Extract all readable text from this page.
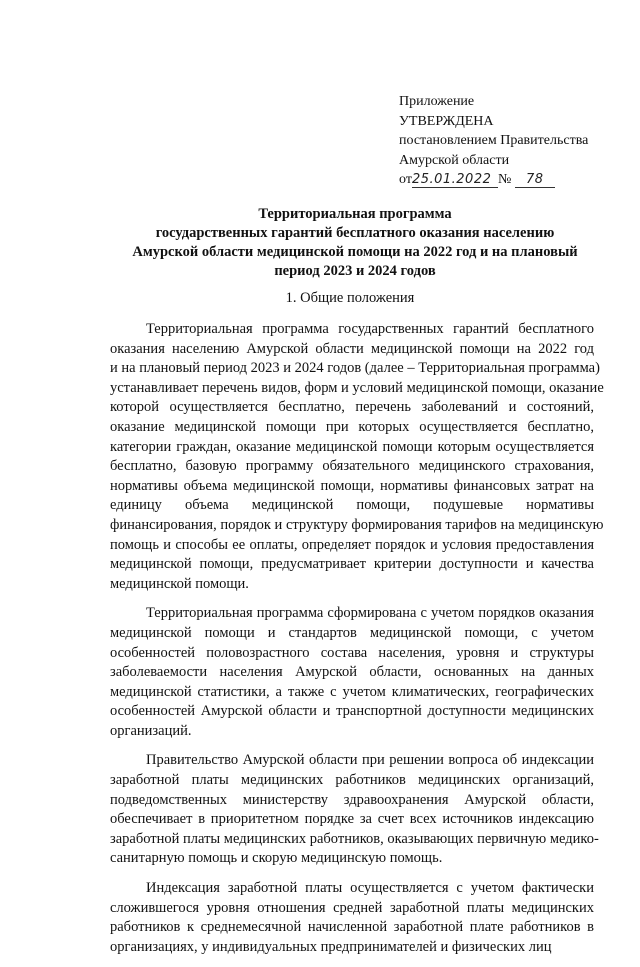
Приложение
УТВЕРЖДЕНА
постановлением Правительства
Амурской области
от25.01.2022 № 78
Территориальная программа
государственных гарантий бесплатного оказания населению
Амурской области медицинской помощи на 2022 год и на плановый
период 2023 и 2024 годов
1. Общие положения
Территориальная программа государственных гарантий бесплатного
оказания населению Амурской области медицинской помощи на 2022 год
и на плановый период 2023 и 2024 годов (далее – Территориальная программа)
устанавливает перечень видов, форм и условий медицинской помощи, оказание
которой осуществляется бесплатно, перечень заболеваний и состояний,
оказание медицинской помощи при которых осуществляется бесплатно,
категории граждан, оказание медицинской помощи которым осуществляется
бесплатно, базовую программу обязательного медицинского страхования,
нормативы объема медицинской помощи, нормативы финансовых затрат на
единицу объема медицинской помощи, подушевые нормативы
финансирования, порядок и структуру формирования тарифов на медицинскую
помощь и способы ее оплаты, определяет порядок и условия предоставления
медицинской помощи, предусматривает критерии доступности и качества
медицинской помощи.
Территориальная программа сформирована с учетом порядков оказания
медицинской помощи и стандартов медицинской помощи, с учетом
особенностей половозрастного состава населения, уровня и структуры
заболеваемости населения Амурской области, основанных на данных
медицинской статистики, а также с учетом климатических, географических
особенностей Амурской области и транспортной доступности медицинских
организаций.
Правительство Амурской области при решении вопроса об индексации
заработной платы медицинских работников медицинских организаций,
подведомственных министерству здравоохранения Амурской области,
обеспечивает в приоритетном порядке за счет всех источников индексацию
заработной платы медицинских работников, оказывающих первичную медико-
санитарную помощь и скорую медицинскую помощь.
Индексация заработной платы осуществляется с учетом фактически
сложившегося уровня отношения средней заработной платы медицинских
работников к среднемесячной начисленной заработной плате работников в
организациях, у индивидуальных предпринимателей и физических лиц
